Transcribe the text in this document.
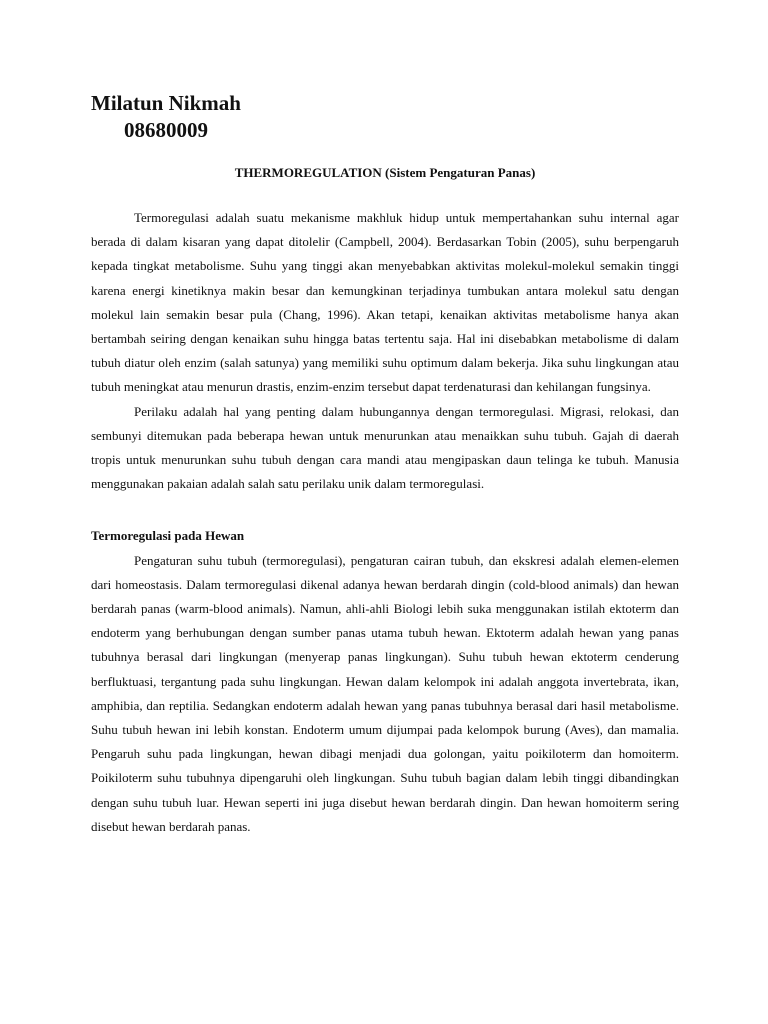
Milatun Nikmah
08680009
THERMOREGULATION (Sistem Pengaturan Panas)

Termoregulasi adalah suatu mekanisme makhluk hidup untuk mempertahankan suhu internal agar berada di dalam kisaran yang dapat ditolelir (Campbell, 2004). Berdasarkan Tobin (2005), suhu berpengaruh kepada tingkat metabolisme. Suhu yang tinggi akan menyebabkan aktivitas molekul-molekul semakin tinggi karena energi kinetiknya makin besar dan kemungkinan terjadinya tumbukan antara molekul satu dengan molekul lain semakin besar pula (Chang, 1996). Akan tetapi, kenaikan aktivitas metabolisme hanya akan bertambah seiring dengan kenaikan suhu hingga batas tertentu saja. Hal ini disebabkan metabolisme di dalam tubuh diatur oleh enzim (salah satunya) yang memiliki suhu optimum dalam bekerja. Jika suhu lingkungan atau tubuh meningkat atau menurun drastis, enzim-enzim tersebut dapat terdenaturasi dan kehilangan fungsinya.

Perilaku adalah hal yang penting dalam hubungannya dengan termoregulasi. Migrasi, relokasi, dan sembunyi ditemukan pada beberapa hewan untuk menurunkan atau menaikkan suhu tubuh. Gajah di daerah tropis untuk menurunkan suhu tubuh dengan cara mandi atau mengipaskan daun telinga ke tubuh. Manusia menggunakan pakaian adalah salah satu perilaku unik dalam termoregulasi.

Termoregulasi pada Hewan

Pengaturan suhu tubuh (termoregulasi), pengaturan cairan tubuh, dan ekskresi adalah elemen-elemen dari homeostasis. Dalam termoregulasi dikenal adanya hewan berdarah dingin (cold-blood animals) dan hewan berdarah panas (warm-blood animals). Namun, ahli-ahli Biologi lebih suka menggunakan istilah ektoterm dan endoterm yang berhubungan dengan sumber panas utama tubuh hewan. Ektoterm adalah hewan yang panas tubuhnya berasal dari lingkungan (menyerap panas lingkungan). Suhu tubuh hewan ektoterm cenderung berfluktuasi, tergantung pada suhu lingkungan. Hewan dalam kelompok ini adalah anggota invertebrata, ikan, amphibia, dan reptilia. Sedangkan endoterm adalah hewan yang panas tubuhnya berasal dari hasil metabolisme. Suhu tubuh hewan ini lebih konstan. Endoterm umum dijumpai pada kelompok burung (Aves), dan mamalia. Pengaruh suhu pada lingkungan, hewan dibagi menjadi dua golongan, yaitu poikiloterm dan homoiterm. Poikiloterm suhu tubuhnya dipengaruhi oleh lingkungan. Suhu tubuh bagian dalam lebih tinggi dibandingkan dengan suhu tubuh luar. Hewan seperti ini juga disebut hewan berdarah dingin. Dan hewan homoiterm sering disebut hewan berdarah panas.
